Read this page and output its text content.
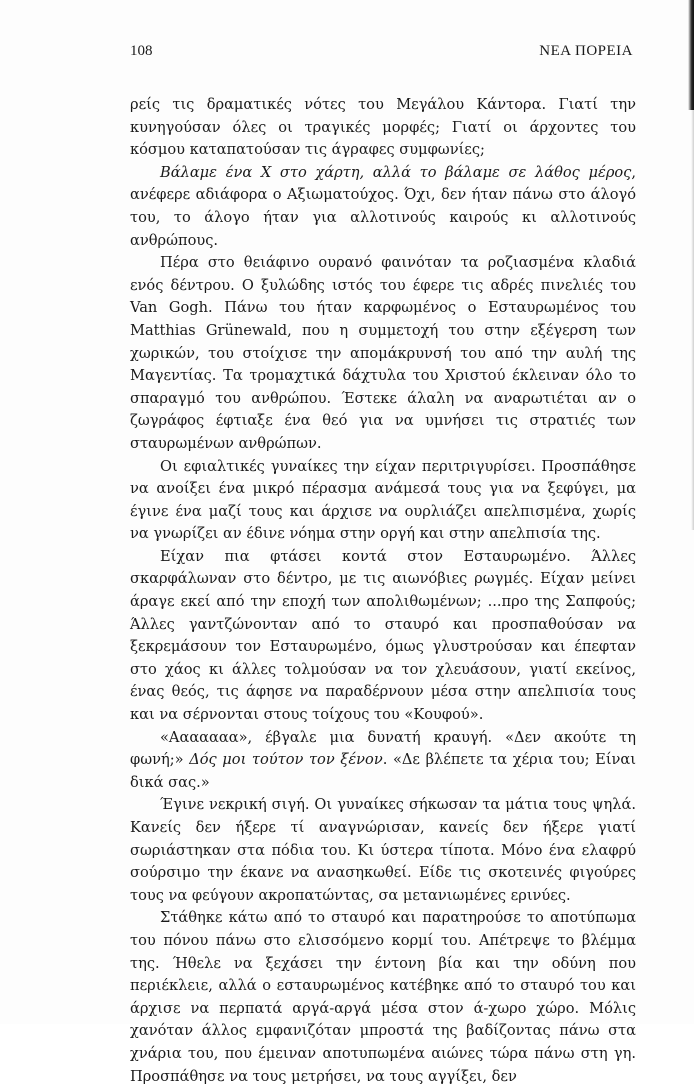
108	ΝΕΑ ΠΟΡΕΙΑ

ρείς τις δραματικές νότες του Μεγάλου Κάντορα. Γιατί την κυνηγούσαν όλες οι τραγικές μορφές; Γιατί οι άρχοντες του κόσμου καταπατούσαν τις άγραφες συμφωνίες;

Βάλαμε ένα Χ στο χάρτη, αλλά το βάλαμε σε λάθος μέρος, ανέφερε αδιάφορα ο Αξιωματούχος. Όχι, δεν ήταν πάνω στο άλογό του, το άλογο ήταν για αλλοτινούς καιρούς κι αλλοτινούς ανθρώπους.

Πέρα στο θειάφινο ουρανό φαινόταν τα ροζιασμένα κλαδιά ενός δέντρου. Ο ξυλώδης ιστός του έφερε τις αδρές πινελιές του Van Gogh. Πάνω του ήταν καρφωμένος ο Εσταυρωμένος του Matthias Grünewald, που η συμμετοχή του στην εξέγερση των χωρικών, του στοίχισε την απομάκρυνσή του από την αυλή της Μαγεντίας. Τα τρομαχτικά δάχτυλα του Χριστού έκλειναν όλο το σπαραγμό του ανθρώπου. Έστεκε άλαλη να αναρωτιέται αν ο ζωγράφος έφτιαξε ένα θεό για να υμνήσει τις στρατιές των σταυρωμένων ανθρώπων.

Οι εφιαλτικές γυναίκες την είχαν περιτριγυρίσει. Προσπάθησε να ανοίξει ένα μικρό πέρασμα ανάμεσά τους για να ξεφύγει, μα έγινε ένα μαζί τους και άρχισε να ουρλιάζει απελπισμένα, χωρίς να γνωρίζει αν έδινε νόημα στην οργή και στην απελπισία της.

Είχαν πια φτάσει κοντά στον Εσταυρωμένο. Άλλες σκαρφάλωναν στο δέντρο, με τις αιωνόβιες ρωγμές. Είχαν μείνει άραγε εκεί από την εποχή των απολιθωμένων; ...προ της Σαπφούς; Άλλες γαντζώνονταν από το σταυρό και προσπαθούσαν να ξεκρεμάσουν τον Εσταυρωμένο, όμως γλυστρούσαν και έπεφταν στο χάος κι άλλες τολμούσαν να τον χλευάσουν, γιατί εκείνος, ένας θεός, τις άφησε να παραδέρνουν μέσα στην απελπισία τους και να σέρνονται στους τοίχους του «Κουφού».

«Ααααααα», έβγαλε μια δυνατή κραυγή. «Δεν ακούτε τη φωνή;» Δός μοι τούτον τον ξένον. «Δε βλέπετε τα χέρια του; Είναι δικά σας.»

Έγινε νεκρική σιγή. Οι γυναίκες σήκωσαν τα μάτια τους ψηλά. Κανείς δεν ήξερε τί αναγνώρισαν, κανείς δεν ήξερε γιατί σωριάστηκαν στα πόδια του. Κι ύστερα τίποτα. Μόνο ένα ελαφρύ σούρσιμο την έκανε να ανασηκωθεί. Είδε τις σκοτεινές φιγούρες τους να φεύγουν ακροπατώντας, σα μετανιωμένες ερινύες.

Στάθηκε κάτω από το σταυρό και παρατηρούσε το αποτύπωμα του πόνου πάνω στο ελισσόμενο κορμί του. Απέτρεψε το βλέμμα της. Ήθελε να ξεχάσει την έντονη βία και την οδύνη που περιέκλειε, αλλά ο εσταυρωμένος κατέβηκε από το σταυρό του και άρχισε να περπατά αργά-αργά μέσα στον ά-χωρο χώρο. Μόλις χανόταν άλλος εμφανιζόταν μπροστά της βαδίζοντας πάνω στα χνάρια του, που έμειναν αποτυπωμένα αιώνες τώρα πάνω στη γη. Προσπάθησε να τους μετρήσει, να τους αγγίξει, δεν
